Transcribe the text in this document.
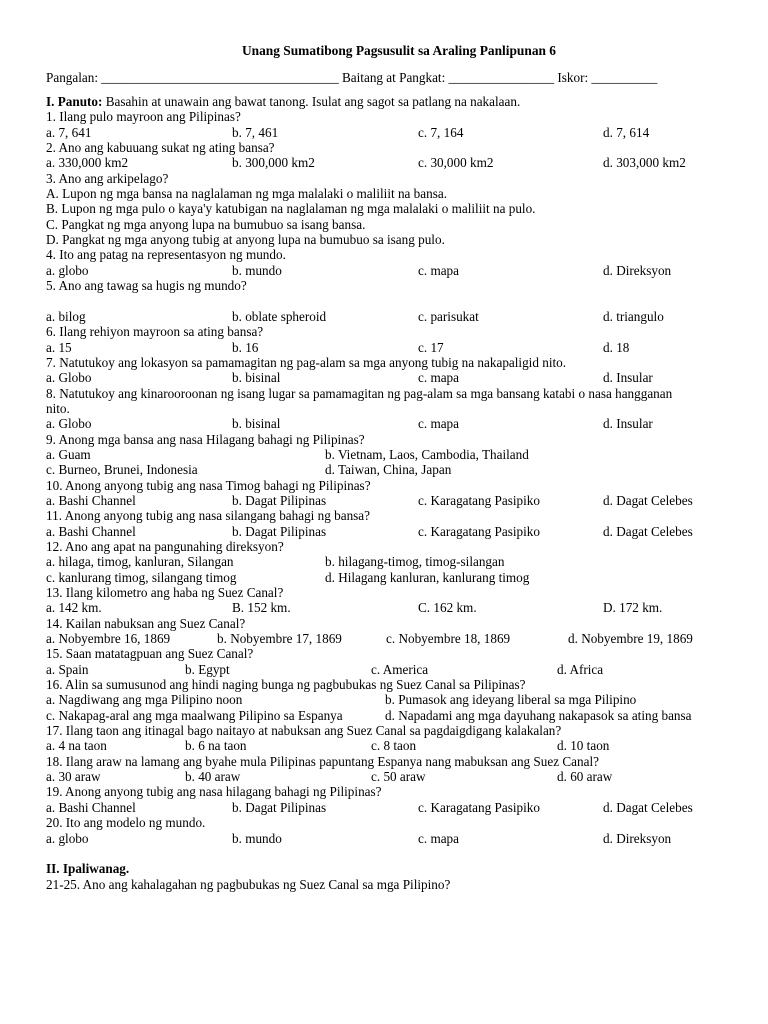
Unang Sumatibong Pagsusulit sa Araling Panlipunan 6
Pangalan: ____________________________________ Baitang at Pangkat: ________________ Iskor: __________
I. Panuto: Basahin at unawain ang bawat tanong. Isulat ang sagot sa patlang na nakalaan.
1. Ilang pulo mayroon ang Pilipinas?
a. 7, 641	b. 7, 461	c. 7, 164	d. 7, 614
2. Ano ang kabuuang sukat ng ating bansa?
a. 330,000 km2	b. 300,000 km2	c. 30,000 km2	d. 303,000 km2
3. Ano ang arkipelago?
A. Lupon ng mga bansa na naglalaman ng mga malalaki o maliliit na bansa.
B. Lupon ng mga pulo o kaya'y katubigan na naglalaman ng mga malalaki o maliliit na pulo.
C. Pangkat ng mga anyong lupa na bumubuo sa isang bansa.
D. Pangkat ng mga anyong tubig at anyong lupa na bumubuo sa isang pulo.
4. Ito ang patag na representasyon ng mundo.
a. globo	b. mundo	c. mapa	d. Direksyon
5. Ano ang tawag sa hugis ng mundo?
a. bilog	b. oblate spheroid	c. parisukat	d. triangulo
6. Ilang rehiyon mayroon sa ating bansa?
a. 15	b. 16	c. 17	d. 18
7. Natutukoy ang lokasyon sa pamamagitan ng pag-alam sa mga anyong tubig na nakapaligid nito.
a. Globo	b. bisinal	c. mapa	d. Insular
8. Natutukoy ang kinarooroonan ng isang lugar sa pamamagitan ng pag-alam sa mga bansang katabi o nasa hangganan
nito.
a. Globo	b. bisinal	c. mapa	d. Insular
9. Anong mga bansa ang nasa Hilagang bahagi ng Pilipinas?
a. Guam	b. Vietnam, Laos, Cambodia, Thailand
c. Burneo, Brunei, Indonesia	d. Taiwan, China, Japan
10. Anong anyong tubig ang nasa Timog bahagi ng Pilipinas?
a. Bashi Channel	b. Dagat Pilipinas	c. Karagatang Pasipiko	d. Dagat Celebes
11. Anong anyong tubig ang nasa silangang bahagi ng bansa?
a. Bashi Channel	b. Dagat Pilipinas	c. Karagatang Pasipiko	d. Dagat Celebes
12. Ano ang apat na pangunahing direksyon?
a. hilaga, timog, kanluran, Silangan	b. hilagang-timog, timog-silangan
c. kanlurang timog, silangang timog	d. Hilagang kanluran, kanlurang timog
13. Ilang kilometro ang haba ng Suez Canal?
a. 142 km.	B. 152 km.	C. 162 km.	D. 172 km.
14. Kailan nabuksan ang Suez Canal?
a. Nobyembre 16, 1869	b. Nobyembre 17, 1869	c. Nobyembre 18, 1869	d. Nobyembre 19, 1869
15. Saan matatagpuan ang Suez Canal?
a. Spain	b. Egypt	c. America	d. Africa
16. Alin sa sumusunod ang hindi naging bunga ng pagbubukas ng Suez Canal sa Pilipinas?
a. Nagdiwang ang mga Pilipino noon	b. Pumasok ang ideyang liberal sa mga Pilipino
c. Nakapag-aral ang mga maalwang Pilipino sa Espanya	d. Napadami ang mga dayuhang nakapasok sa ating bansa
17. Ilang taon ang itinagal bago naitayo at nabuksan ang Suez Canal sa pagdaigdigang kalakalan?
a. 4 na taon	b. 6 na taon	c. 8 taon	d. 10 taon
18. Ilang araw na lamang ang byahe mula Pilipinas papuntang Espanya nang mabuksan ang Suez Canal?
a. 30 araw	b. 40 araw	c. 50 araw	d. 60 araw
19. Anong anyong tubig ang nasa hilagang bahagi ng Pilipinas?
a. Bashi Channel	b. Dagat Pilipinas	c. Karagatang Pasipiko	d. Dagat Celebes
20. Ito ang modelo ng mundo.
a. globo	b. mundo	c. mapa	d. Direksyon
II. Ipaliwanag.
21-25. Ano ang kahalagahan ng pagbubukas ng Suez Canal sa mga Pilipino?
